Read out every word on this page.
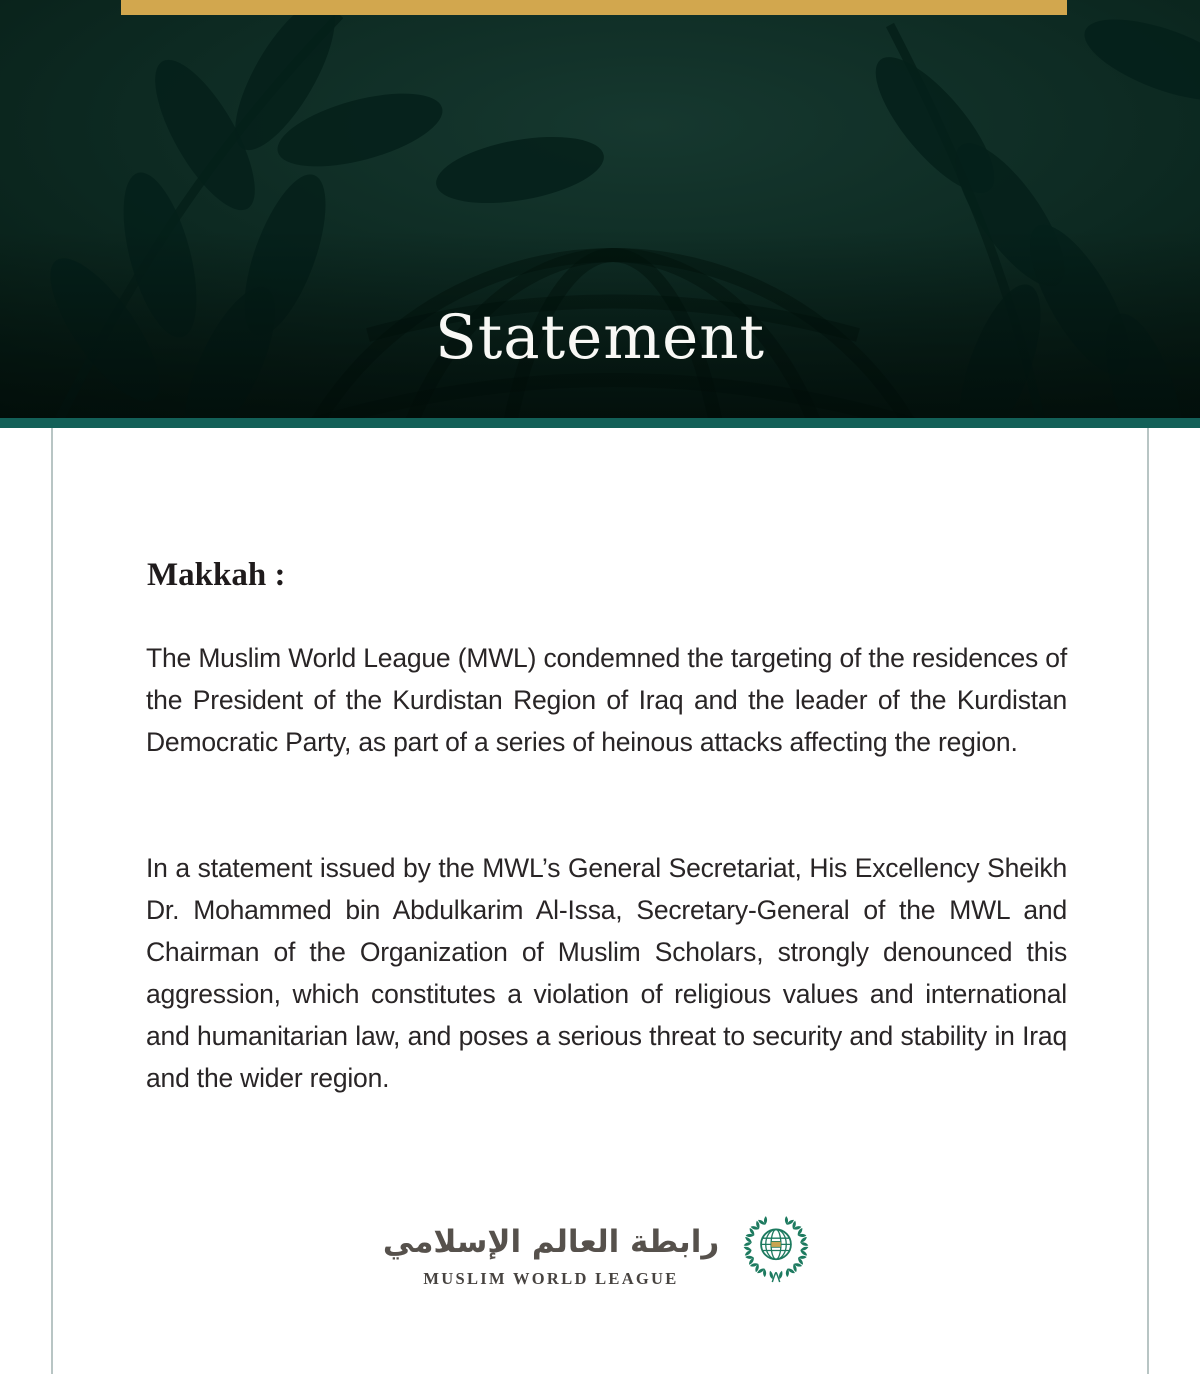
Statement
Makkah :

The Muslim World League (MWL) condemned the targeting of the residences of the President of the Kurdistan Region of Iraq and the leader of the Kurdistan Democratic Party, as part of a series of heinous attacks affecting the region.

In a statement issued by the MWL’s General Secretariat, His Excellency Sheikh Dr. Mohammed bin Abdulkarim Al-Issa, Secretary-General of the MWL and Chairman of the Organization of Muslim Scholars, strongly denounced this aggression, which constitutes a violation of religious values and international and humanitarian law, and poses a serious threat to security and stability in Iraq and the wider region.

رابطة العالم الإسلامي
MUSLIM WORLD LEAGUE
